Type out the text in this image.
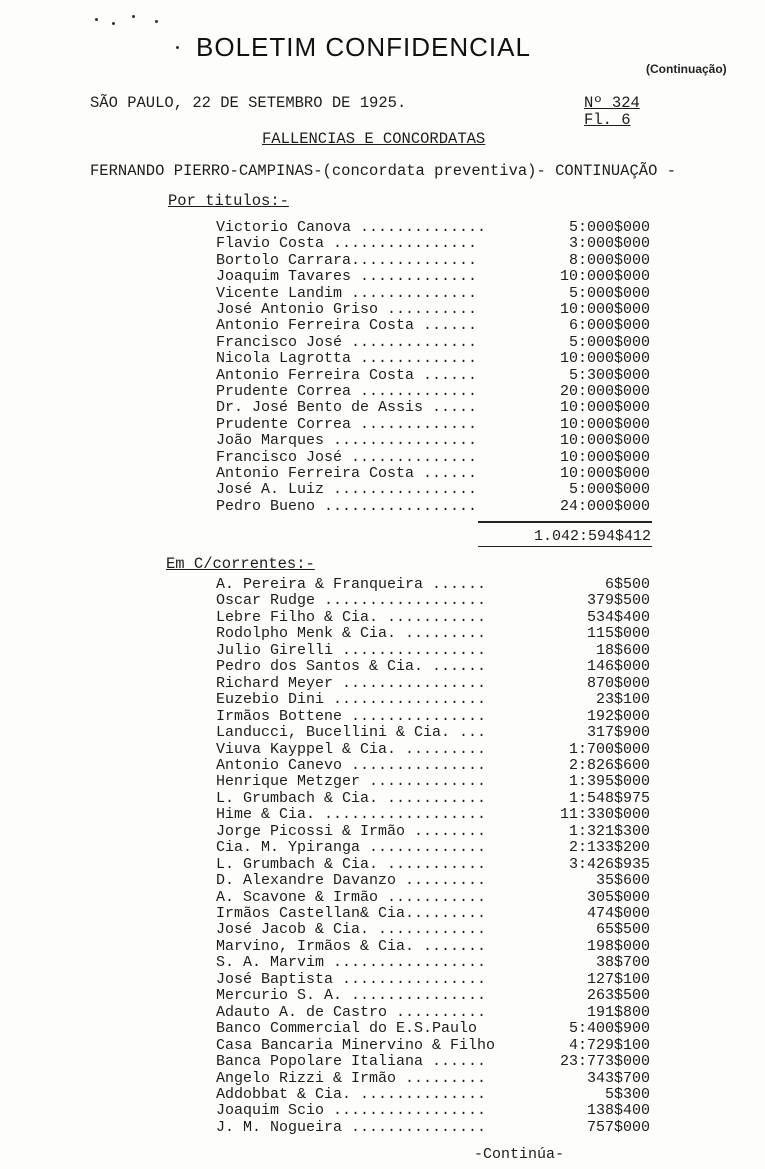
BOLETIM CONFIDENCIAL
(Continuação)
SÃO PAULO, 22 DE SETEMBRO DE 1925.	Nº 324
Fl. 6
FALLENCIAS E CONCORDATAS
FERNANDO PIERRO-CAMPINAS-(concordata preventiva)- CONTINUAÇÃO -
Por titulos:-
Victorio Canova ..............	5:000$000
Flavio Costa ................	3:000$000
Bortolo Carrara..............	8:000$000
Joaquim Tavares .............	10:000$000
Vicente Landim ..............	5:000$000
José Antonio Griso ..........	10:000$000
Antonio Ferreira Costa ......	6:000$000
Francisco José ..............	5:000$000
Nicola Lagrotta .............	10:000$000
Antonio Ferreira Costa ......	5:300$000
Prudente Correa .............	20:000$000
Dr. José Bento de Assis .....	10:000$000
Prudente Correa .............	10:000$000
João Marques ................	10:000$000
Francisco José ..............	10:000$000
Antonio Ferreira Costa ......	10:000$000
José A. Luiz ................	5:000$000
Pedro Bueno .................	24:000$000
1.042:594$412
Em C/correntes:-
A. Pereira & Franqueira ......	6$500
Oscar Rudge ..................	379$500
Lebre Filho & Cia. ...........	534$400
Rodolpho Menk & Cia. .........	115$000
Julio Girelli ................	18$600
Pedro dos Santos & Cia. ......	146$000
Richard Meyer ................	870$000
Euzebio Dini .................	23$100
Irmãos Bottene ...............	192$000
Landucci, Bucellini & Cia. ...	317$900
Viuva Kayppel & Cia. .........	1:700$000
Antonio Canevo ...............	2:826$600
Henrique Metzger .............	1:395$000
L. Grumbach & Cia. ...........	1:548$975
Hime & Cia. ..................	11:330$000
Jorge Picossi & Irmão ........	1:321$300
Cia. M. Ypiranga .............	2:133$200
L. Grumbach & Cia. ...........	3:426$935
D. Alexandre Davanzo .........	35$600
A. Scavone & Irmão ...........	305$000
Irmãos Castellan& Cia.........	474$000
José Jacob & Cia. ............	65$500
Marvino, Irmãos & Cia. .......	198$000
S. A. Marvim .................	38$700
José Baptista ................	127$100
Mercurio S. A. ...............	263$500
Adauto A. de Castro ..........	191$800
Banco Commercial do E.S.Paulo	5:400$900
Casa Bancaria Minervino & Filho	4:729$100
Banca Popolare Italiana ......	23:773$000
Angelo Rizzi & Irmão .........	343$700
Addobbat & Cia. ..............	5$300
Joaquim Scio .................	138$400
J. M. Nogueira ...............	757$000
-Continúa-
